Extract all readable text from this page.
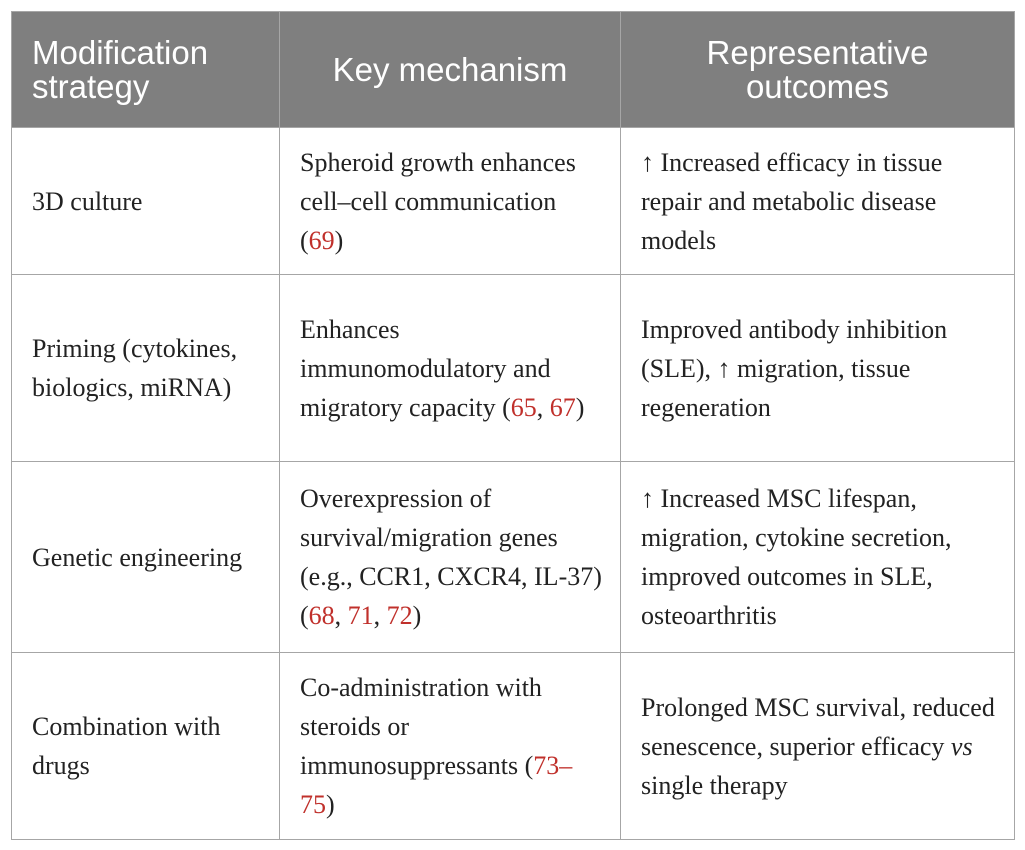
Modification strategy	Key mechanism	Representative outcomes
3D culture	Spheroid growth enhances cell–cell communication (69)	↑ Increased efficacy in tissue repair and metabolic disease models
Priming (cytokines, biologics, miRNA)	Enhances immunomodulatory and migratory capacity (65, 67)	Improved antibody inhibition (SLE), ↑ migration, tissue regeneration
Genetic engineering	Overexpression of survival/migration genes (e.g., CCR1, CXCR4, IL-37) (68, 71, 72)	↑ Increased MSC lifespan, migration, cytokine secretion, improved outcomes in SLE, osteoarthritis
Combination with drugs	Co-administration with steroids or immunosuppressants (73–75)	Prolonged MSC survival, reduced senescence, superior efficacy vs single therapy
